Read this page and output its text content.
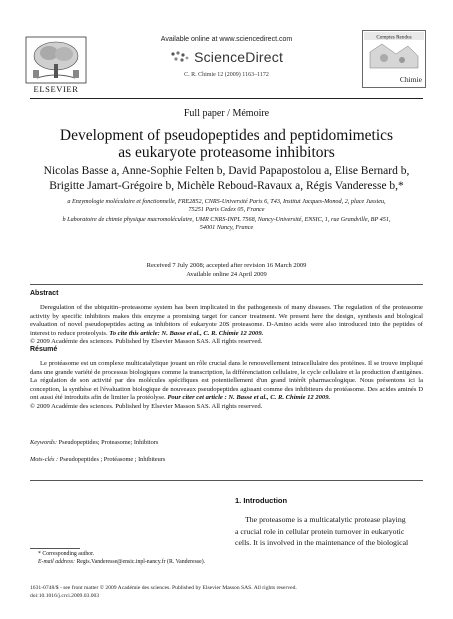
ELSEVIER
Available online at www.sciencedirect.com
ScienceDirect
C. R. Chimie 12 (2009) 1163–1172
Comptes Rendus
Chimie
Full paper / Mémoire
Development of pseudopeptides and peptidomimetics
as eukaryote proteasome inhibitors
Nicolas Basse a, Anne-Sophie Felten b, David Papapostolou a, Elise Bernard b,
Brigitte Jamart-Grégoire b, Michèle Reboud-Ravaux a, Régis Vanderesse b,*
a Enzymologie moléculaire et fonctionnelle, FRE2852, CNRS-Université Paris 6, T43, Institut Jacques-Monod, 2, place Jussieu,
75251 Paris Cedex 05, France
b Laboratoire de chimie physique macromoléculaire, UMR CNRS-INPL 7568, Nancy-Université, ENSIC, 1, rue Grandville, BP 451,
54001 Nancy, France
Received 7 July 2008; accepted after revision 16 March 2009
Available online 24 April 2009
Abstract
Deregulation of the ubiquitin–proteasome system has been implicated in the pathogenesis of many diseases. The regulation of the proteasome activity by specific inhibitors makes this enzyme a promising target for cancer treatment. We present here the design, synthesis and biological evaluation of novel pseudopeptides acting as inhibitors of eukaryote 20S proteasome. D-Amino acids were also introduced into the peptides of interest to reduce proteolysis. To cite this article: N. Basse et al., C. R. Chimie 12 2009.
© 2009 Académie des sciences. Published by Elsevier Masson SAS. All rights reserved.
Résumé
Le protéasome est un complexe multicatalytique jouant un rôle crucial dans le renouvellement intracellulaire des protéines. Il se trouve impliqué dans une grande variété de processus biologiques comme la transcription, la différenciation cellulaire, le cycle cellulaire et la production d'antigènes. La régulation de son activité par des molécules spécifiques est potentiellement d'un grand intérêt pharmacologique. Nous présentons ici la conception, la synthèse et l'évaluation biologique de nouveaux pseudopeptides agissant comme des inhibiteurs du protéasome. Des acides aminés D ont aussi été introduits afin de limiter la protéolyse. Pour citer cet article : N. Basse et al., C. R. Chimie 12 2009.
© 2009 Académie des sciences. Published by Elsevier Masson SAS. All rights reserved.
Keywords: Pseudopeptides; Proteasome; Inhibitors
Mots-clés : Pseudopeptides ; Protéasome ; Inhibiteurs
1. Introduction
The proteasome is a multicatalytic protease playing
a crucial role in cellular protein turnover in eukaryotic
cells. It is involved in the maintenance of the biological
* Corresponding author.
E-mail address: Regis.Vanderesse@ensic.inpl-nancy.fr (R. Vanderesse).
1631-0748/$ - see front matter © 2009 Académie des sciences. Published by Elsevier Masson SAS. All rights reserved.
doi:10.1016/j.crci.2009.03.003
